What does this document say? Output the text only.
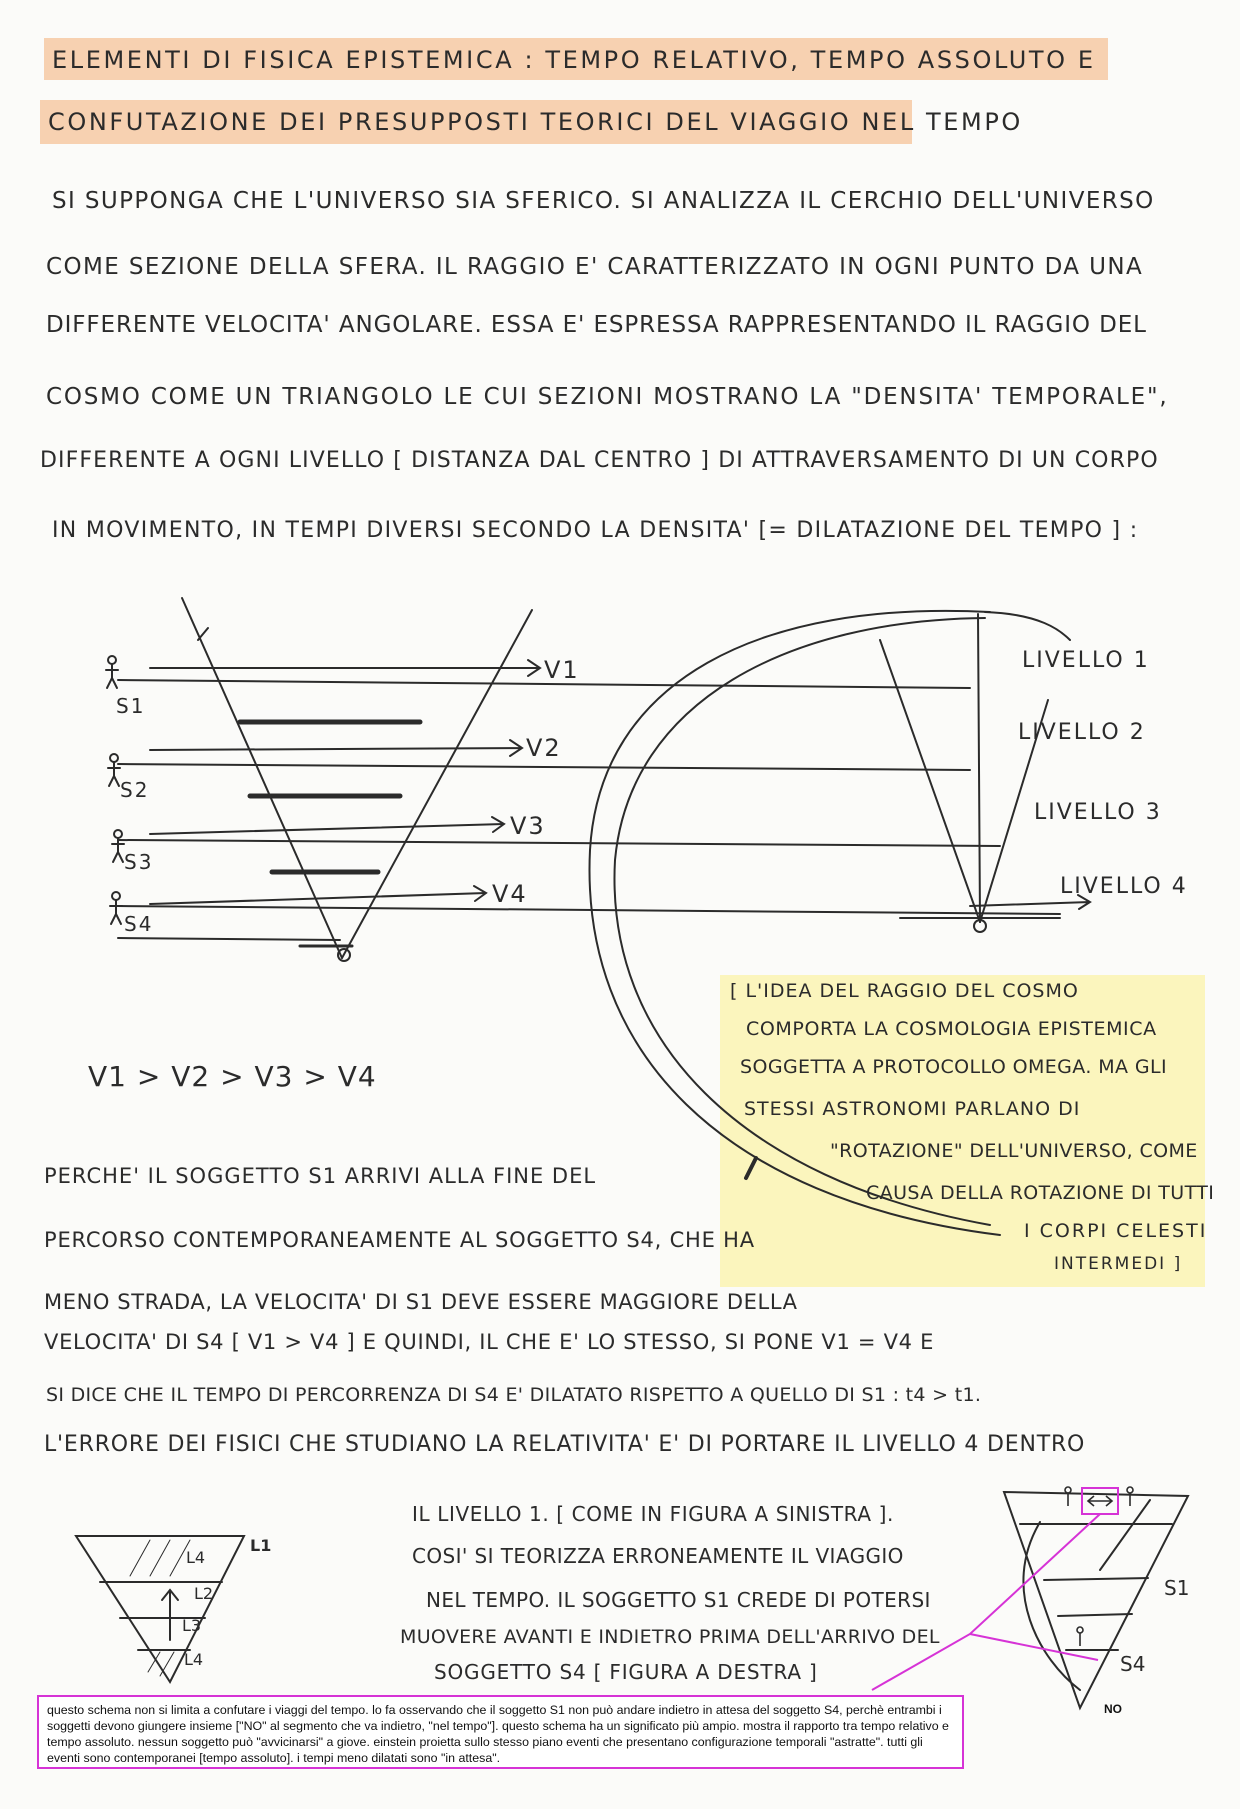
ELEMENTI DI FISICA EPISTEMICA : TEMPO RELATIVO, TEMPO ASSOLUTO E
CONFUTAZIONE DEI PRESUPPOSTI TEORICI DEL VIAGGIO NEL TEMPO
SI SUPPONGA CHE L'UNIVERSO SIA SFERICO. SI ANALIZZA IL CERCHIO DELL'UNIVERSO
COME SEZIONE DELLA SFERA. IL RAGGIO E' CARATTERIZZATO IN OGNI PUNTO DA UNA
DIFFERENTE VELOCITA' ANGOLARE. ESSA E' ESPRESSA RAPPRESENTANDO IL RAGGIO DEL
COSMO COME UN TRIANGOLO LE CUI SEZIONI MOSTRANO LA "DENSITA' TEMPORALE",
DIFFERENTE A OGNI LIVELLO [ DISTANZA DAL CENTRO ] DI ATTRAVERSAMENTO DI UN CORPO
IN MOVIMENTO, IN TEMPI DIVERSI SECONDO LA DENSITA' [= DILATAZIONE DEL TEMPO ] :
S1
S2
S3
S4
V1
V2
V3
V4
V1 > V2 > V3 > V4
LIVELLO 1
LIVELLO 2
LIVELLO 3
LIVELLO 4
[ L'IDEA DEL RAGGIO DEL COSMO
COMPORTA LA COSMOLOGIA EPISTEMICA
SOGGETTA A PROTOCOLLO OMEGA. MA GLI
STESSI ASTRONOMI PARLANO DI
"ROTAZIONE" DELL'UNIVERSO, COME
CAUSA DELLA ROTAZIONE DI TUTTI
I CORPI CELESTI
INTERMEDI ]
PERCHE' IL SOGGETTO S1 ARRIVI ALLA FINE DEL
PERCORSO CONTEMPORANEAMENTE AL SOGGETTO S4, CHE HA
MENO STRADA, LA VELOCITA' DI S1 DEVE ESSERE MAGGIORE DELLA
VELOCITA' DI S4 [ V1 > V4 ] E QUINDI, IL CHE E' LO STESSO, SI PONE V1 = V4 E
SI DICE CHE IL TEMPO DI PERCORRENZA DI S4 E' DILATATO RISPETTO A QUELLO DI S1 : t4 > t1.
L'ERRORE DEI FISICI CHE STUDIANO LA RELATIVITA' E' DI PORTARE IL LIVELLO 4 DENTRO
IL LIVELLO 1. [ COME IN FIGURA A SINISTRA ].
COSI' SI TEORIZZA ERRONEAMENTE IL VIAGGIO
NEL TEMPO. IL SOGGETTO S1 CREDE DI POTERSI
MUOVERE AVANTI E INDIETRO PRIMA DELL'ARRIVO DEL
SOGGETTO S4 [ FIGURA A DESTRA ]
L4
L1
L2
L3
L4
S1
S4
NO
questo schema non si limita a confutare i viaggi del tempo. lo fa osservando che il soggetto S1 non può andare indietro in attesa del soggetto S4, perchè entrambi i soggetti devono giungere insieme ["NO" al segmento che va indietro, "nel tempo"]. questo schema ha un significato più ampio. mostra il rapporto tra tempo relativo e tempo assoluto. nessun soggetto può "avvicinarsi" a giove. einstein proietta sullo stesso piano eventi che presentano configurazione temporali "astratte". tutti gli eventi sono contemporanei [tempo assoluto]. i tempi meno dilatati sono "in attesa".
